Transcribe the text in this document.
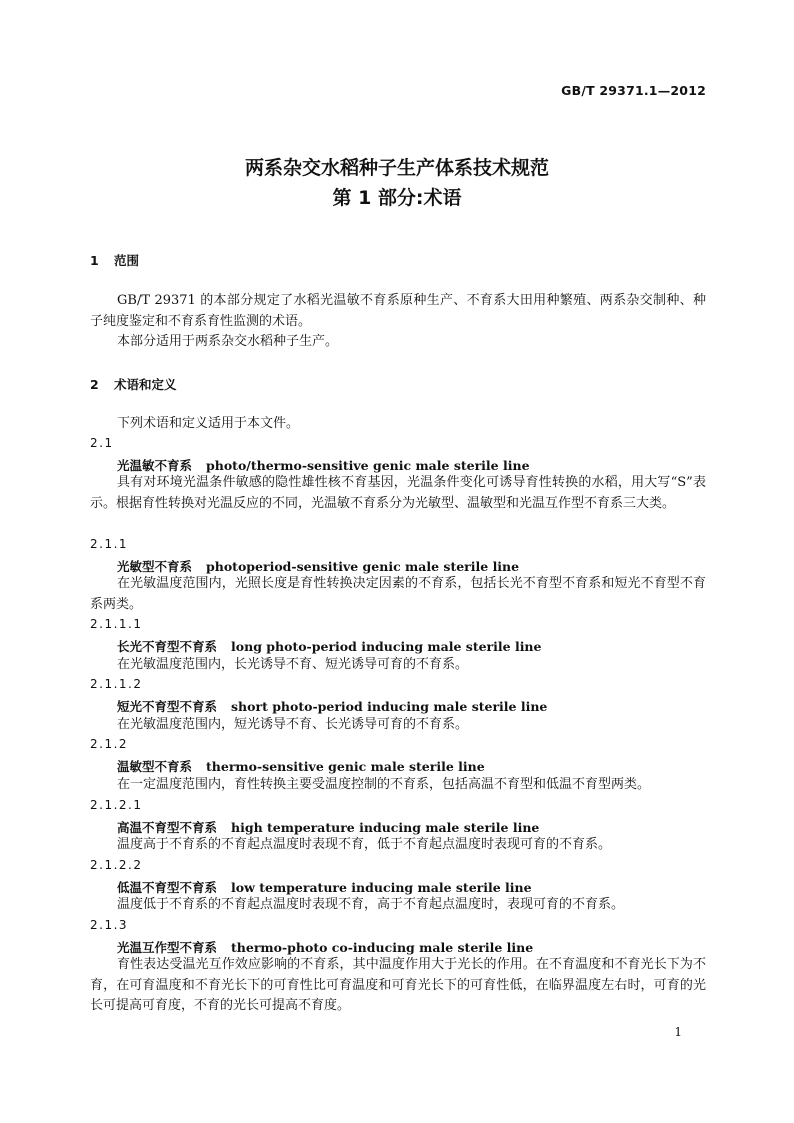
GB/T 29371.1—2012
两系杂交水稻种子生产体系技术规范
第 1 部分:术语
1 范围

GB/T 29371 的本部分规定了水稻光温敏不育系原种生产、不育系大田用种繁殖、两系杂交制种、种子纯度鉴定和不育系育性监测的术语。

本部分适用于两系杂交水稻种子生产。

2 术语和定义

下列术语和定义适用于本文件。

2.1
光温敏不育系 photo/thermo-sensitive genic male sterile line

具有对环境光温条件敏感的隐性雄性核不育基因，光温条件变化可诱导育性转换的水稻，用大写“S”表示。根据育性转换对光温反应的不同，光温敏不育系分为光敏型、温敏型和光温互作型不育系三大类。

2.1.1
光敏型不育系 photoperiod-sensitive genic male sterile line

在光敏温度范围内，光照长度是育性转换决定因素的不育系，包括长光不育型不育系和短光不育型不育系两类。

2.1.1.1
长光不育型不育系 long photo-period inducing male sterile line

在光敏温度范围内，长光诱导不育、短光诱导可育的不育系。

2.1.1.2
短光不育型不育系 short photo-period inducing male sterile line

在光敏温度范围内，短光诱导不育、长光诱导可育的不育系。

2.1.2
温敏型不育系 thermo-sensitive genic male sterile line

在一定温度范围内，育性转换主要受温度控制的不育系，包括高温不育型和低温不育型两类。

2.1.2.1
高温不育型不育系 high temperature inducing male sterile line

温度高于不育系的不育起点温度时表现不育，低于不育起点温度时表现可育的不育系。

2.1.2.2
低温不育型不育系 low temperature inducing male sterile line

温度低于不育系的不育起点温度时表现不育，高于不育起点温度时，表现可育的不育系。

2.1.3
光温互作型不育系 thermo-photo co-inducing male sterile line

育性表达受温光互作效应影响的不育系，其中温度作用大于光长的作用。在不育温度和不育光长下为不育，在可育温度和不育光长下的可育性比可育温度和可育光长下的可育性低，在临界温度左右时，可育的光长可提高可育度，不育的光长可提高不育度。

1
